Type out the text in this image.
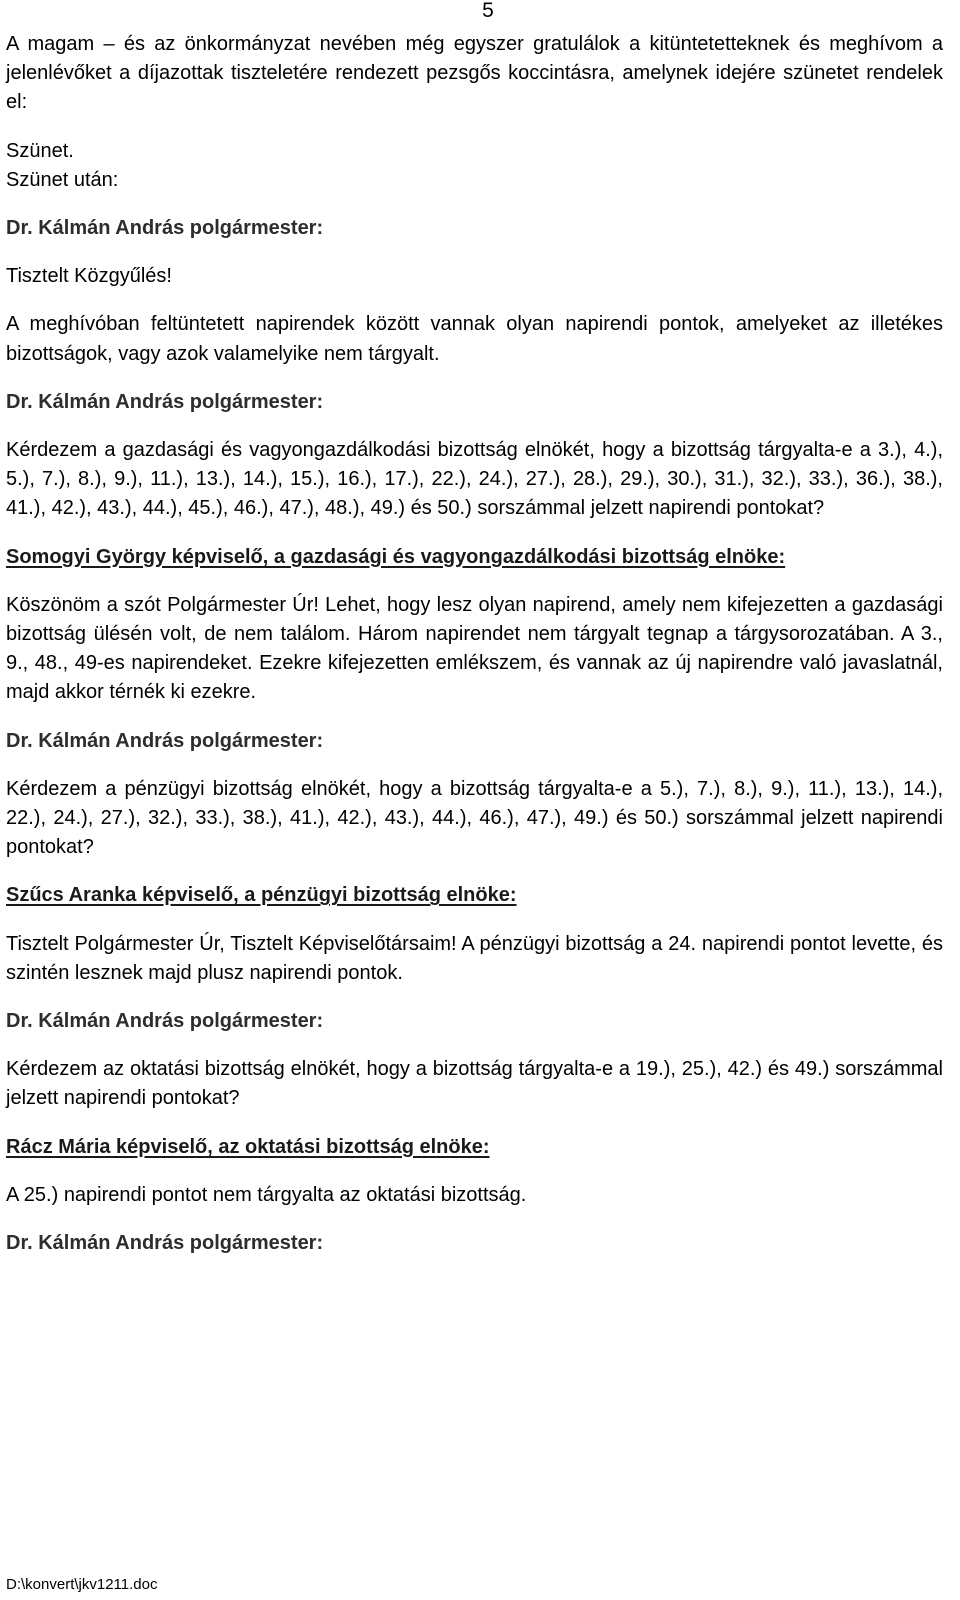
5

A magam – és az önkormányzat nevében még egyszer gratulálok a kitüntetetteknek és meghívom a jelenlévőket a díjazottak tiszteletére rendezett pezsgős koccintásra, amelynek idejére szünetet rendelek el:

Szünet.

Szünet után:

Dr. Kálmán András polgármester:

Tisztelt Közgyűlés!

A meghívóban feltüntetett napirendek között vannak olyan napirendi pontok, amelyeket az illetékes bizottságok, vagy azok valamelyike nem tárgyalt.

Dr. Kálmán András polgármester:

Kérdezem a gazdasági és vagyongazdálkodási bizottság elnökét, hogy a bizottság tárgyalta-e a 3.), 4.), 5.), 7.), 8.), 9.), 11.), 13.), 14.), 15.), 16.), 17.), 22.), 24.), 27.), 28.), 29.), 30.), 31.), 32.), 33.), 36.), 38.), 41.), 42.), 43.), 44.), 45.), 46.), 47.), 48.), 49.) és 50.) sorszámmal jelzett napirendi pontokat?

Somogyi György képviselő, a gazdasági és vagyongazdálkodási bizottság elnöke:

Köszönöm a szót Polgármester Úr! Lehet, hogy lesz olyan napirend, amely nem kifejezetten a gazdasági bizottság ülésén volt, de nem találom. Három napirendet nem tárgyalt tegnap a tárgysorozatában. A 3., 9., 48., 49-es napirendeket. Ezekre kifejezetten emlékszem, és vannak az új napirendre való javaslatnál, majd akkor térnék ki ezekre.

Dr. Kálmán András polgármester:

Kérdezem a pénzügyi bizottság elnökét, hogy a bizottság tárgyalta-e a 5.), 7.), 8.), 9.), 11.), 13.), 14.), 22.), 24.), 27.), 32.), 33.), 38.), 41.), 42.), 43.), 44.), 46.), 47.), 49.) és 50.) sorszámmal jelzett napirendi pontokat?

Szűcs Aranka képviselő, a pénzügyi bizottság elnöke:

Tisztelt Polgármester Úr, Tisztelt Képviselőtársaim! A pénzügyi bizottság a 24. napirendi pontot levette, és szintén lesznek majd plusz napirendi pontok.

Dr. Kálmán András polgármester:

Kérdezem az oktatási bizottság elnökét, hogy a bizottság tárgyalta-e a 19.), 25.), 42.) és 49.) sorszámmal jelzett napirendi pontokat?

Rácz Mária képviselő, az oktatási bizottság elnöke:

A 25.) napirendi pontot nem tárgyalta az oktatási bizottság.

Dr. Kálmán András polgármester:

D:\konvert\jkv1211.doc
